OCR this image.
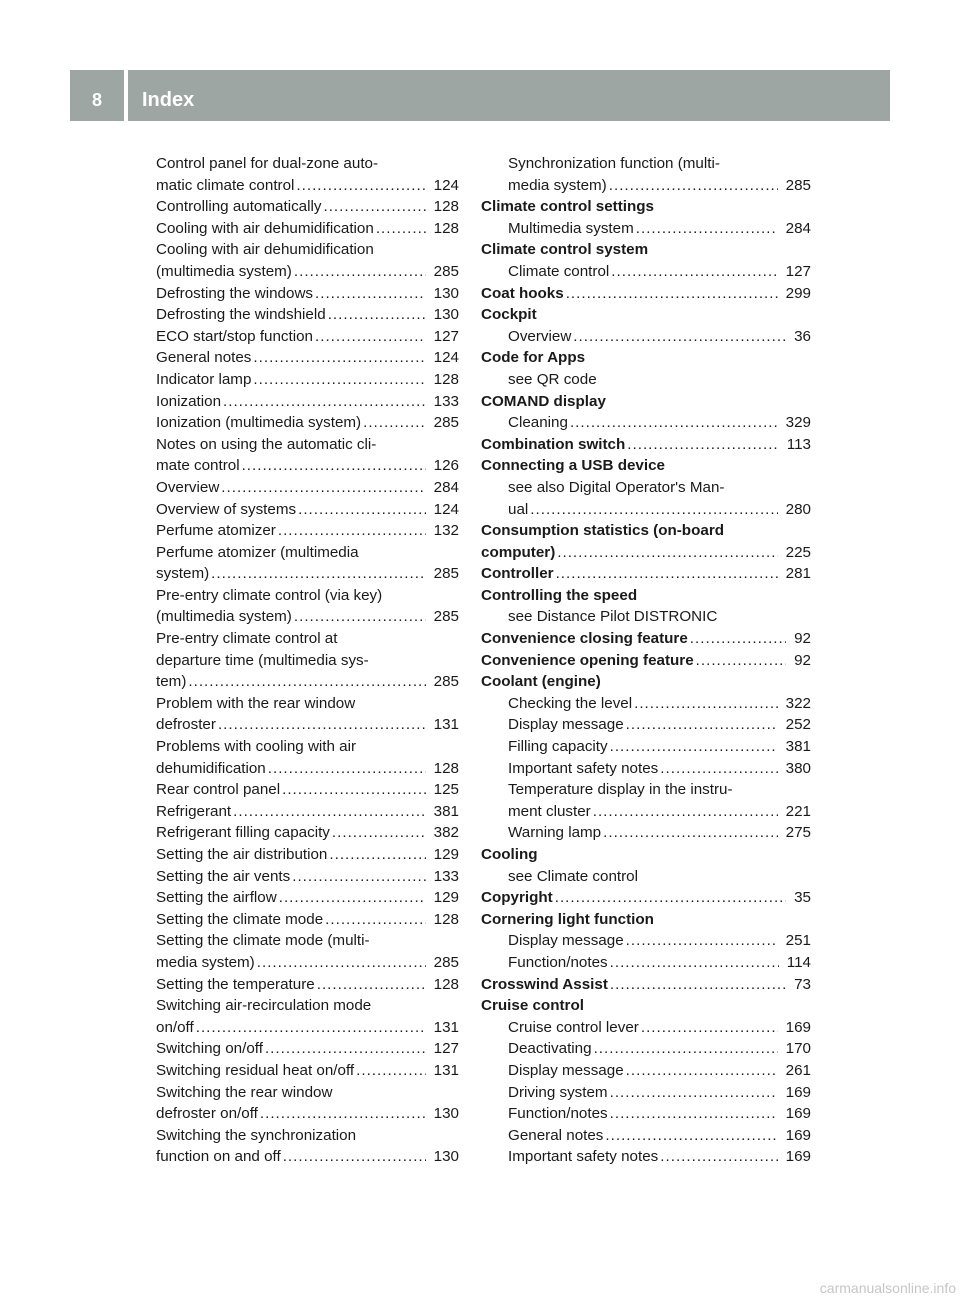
8	Index
Control panel for dual-zone auto-
matic climate control .....	124
Controlling automatically .....	128
Cooling with air dehumidification .....	128
Cooling with air dehumidification
(multimedia system) .....	285
Defrosting the windows .....	130
Defrosting the windshield .....	130
ECO start/stop function .....	127
General notes .....	124
Indicator lamp .....	128
Ionization .....	133
Ionization (multimedia system) .....	285
Notes on using the automatic cli-
mate control .....	126
Overview .....	284
Overview of systems .....	124
Perfume atomizer .....	132
Perfume atomizer (multimedia
system) .....	285
Pre-entry climate control (via key)
(multimedia system) .....	285
Pre-entry climate control at
departure time (multimedia sys-
tem) .....	285
Problem with the rear window
defroster .....	131
Problems with cooling with air
dehumidification .....	128
Rear control panel .....	125
Refrigerant .....	381
Refrigerant filling capacity .....	382
Setting the air distribution .....	129
Setting the air vents .....	133
Setting the airflow .....	129
Setting the climate mode .....	128
Setting the climate mode (multi-
media system) .....	285
Setting the temperature .....	128
Switching air-recirculation mode
on/off .....	131
Switching on/off .....	127
Switching residual heat on/off .....	131
Switching the rear window
defroster on/off .....	130
Switching the synchronization
function on and off .....	130
Synchronization function (multi-
media system) .....	285
Climate control settings
Multimedia system .....	284
Climate control system
Climate control .....	127
Coat hooks .....	299
Cockpit
Overview .....	36
Code for Apps
see QR code
COMAND display
Cleaning .....	329
Combination switch .....	113
Connecting a USB device
see also Digital Operator's Man-
ual .....	280
Consumption statistics (on-board
computer) .....	225
Controller .....	281
Controlling the speed
see Distance Pilot DISTRONIC
Convenience closing feature .....	92
Convenience opening feature .....	92
Coolant (engine)
Checking the level .....	322
Display message .....	252
Filling capacity .....	381
Important safety notes .....	380
Temperature display in the instru-
ment cluster .....	221
Warning lamp .....	275
Cooling
see Climate control
Copyright .....	35
Cornering light function
Display message .....	251
Function/notes .....	114
Crosswind Assist .....	73
Cruise control
Cruise control lever .....	169
Deactivating .....	170
Display message .....	261
Driving system .....	169
Function/notes .....	169
General notes .....	169
Important safety notes .....	169
carmanualsonline.info
